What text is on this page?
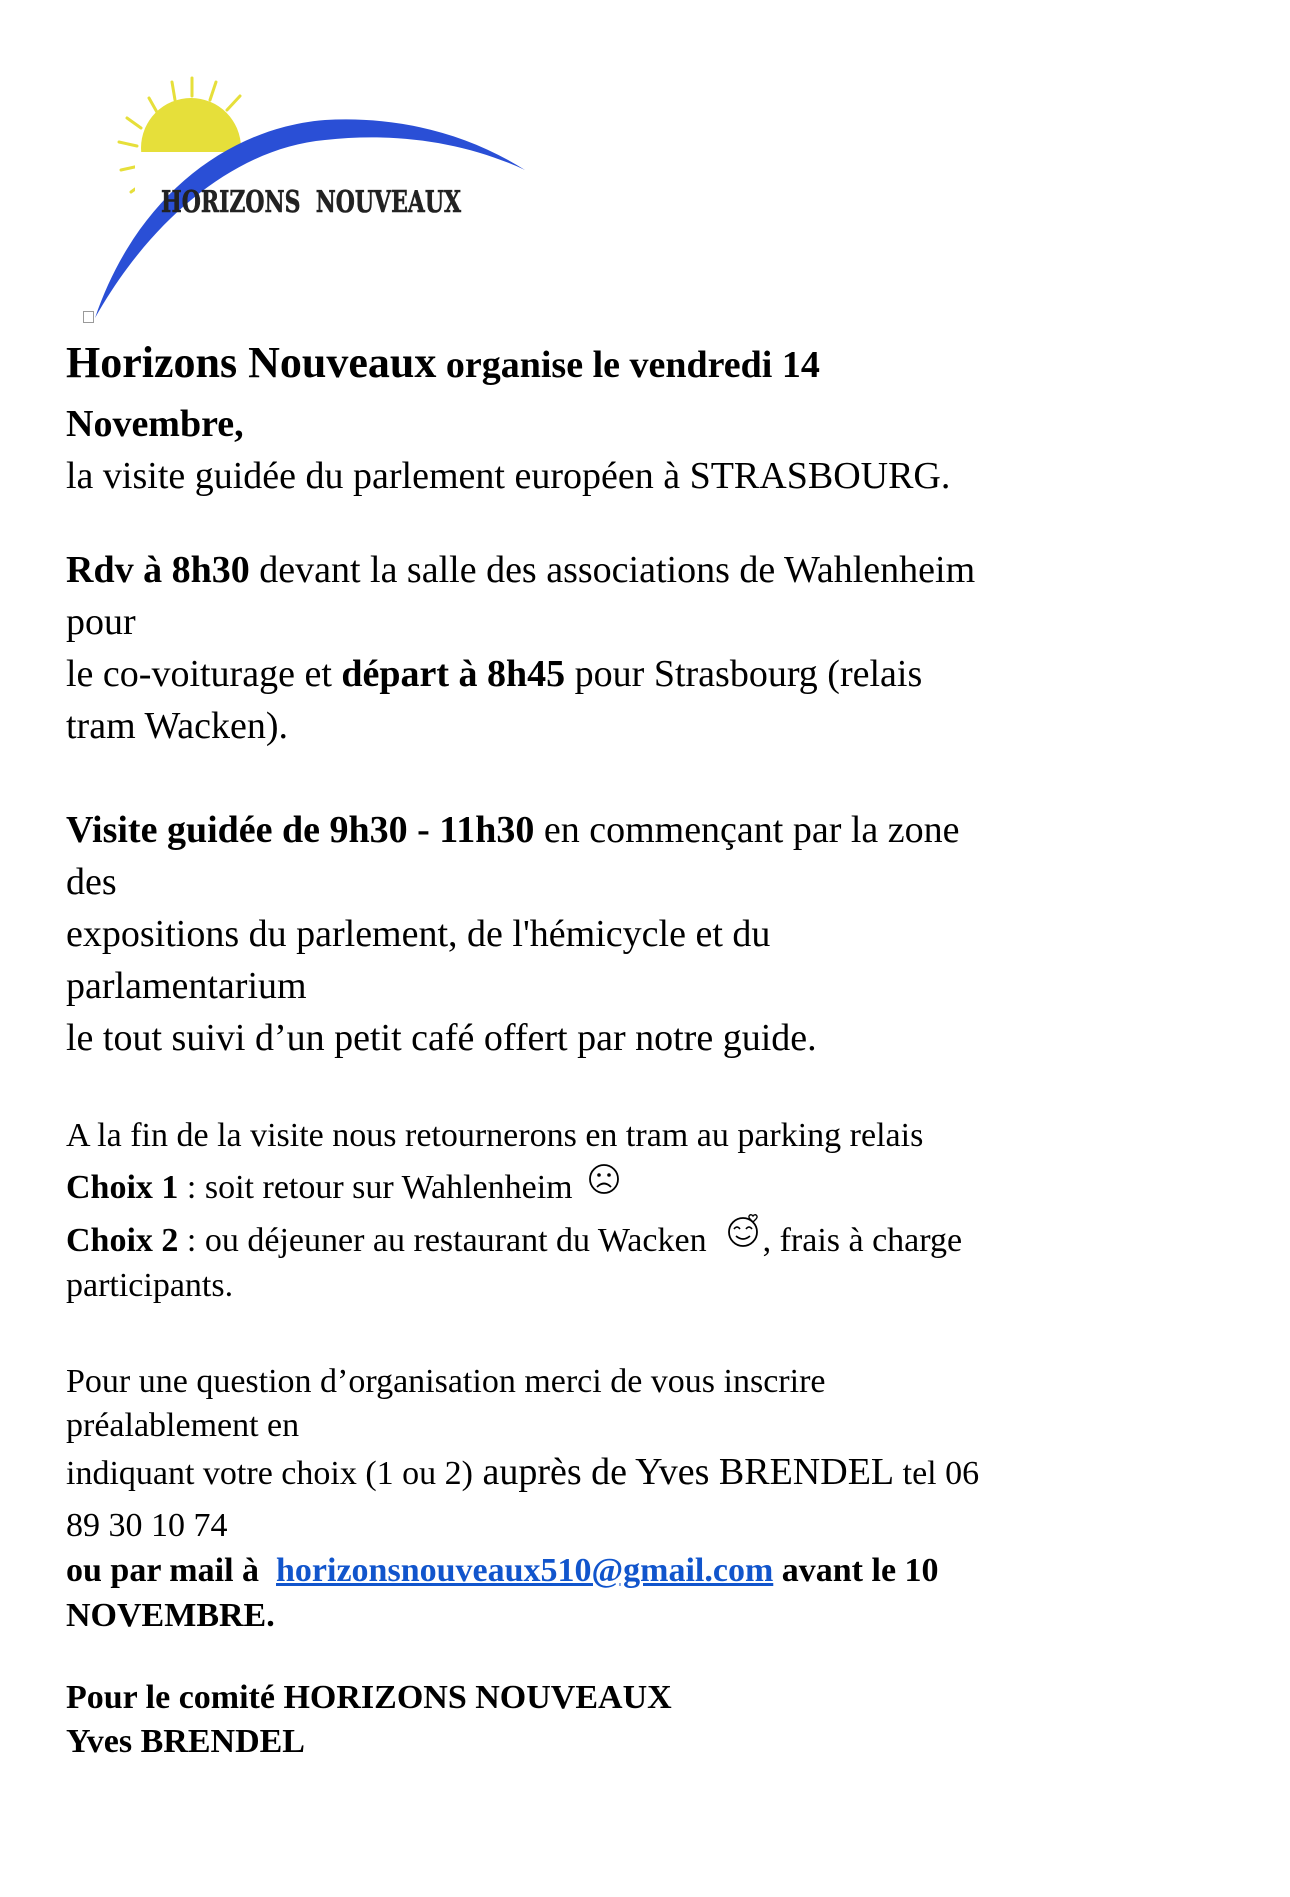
HORIZONS  NOUVEAUX
Horizons Nouveaux organise le vendredi 14
Novembre,
la visite guidée du parlement européen à STRASBOURG.
Rdv à 8h30 devant la salle des associations de Wahlenheim
pour
le co-voiturage et départ à 8h45 pour Strasbourg (relais
tram Wacken).
Visite guidée de 9h30 - 11h30 en commençant par la zone
des
expositions du parlement, de l'hémicycle et du
parlamentarium
le tout suivi d’un petit café offert par notre guide.
A la fin de la visite nous retournerons en tram au parking relais
Choix 1 : soit retour sur Wahlenheim
Choix 2 : ou déjeuner au restaurant du Wacken , frais à charge
participants.
Pour une question d’organisation merci de vous inscrire
préalablement en
indiquant votre choix (1 ou 2) auprès de Yves BRENDEL tel 06
89 30 10 74
ou par mail à  horizonsnouveaux510@gmail.com avant le 10
NOVEMBRE.
Pour le comité HORIZONS NOUVEAUX
Yves BRENDEL
